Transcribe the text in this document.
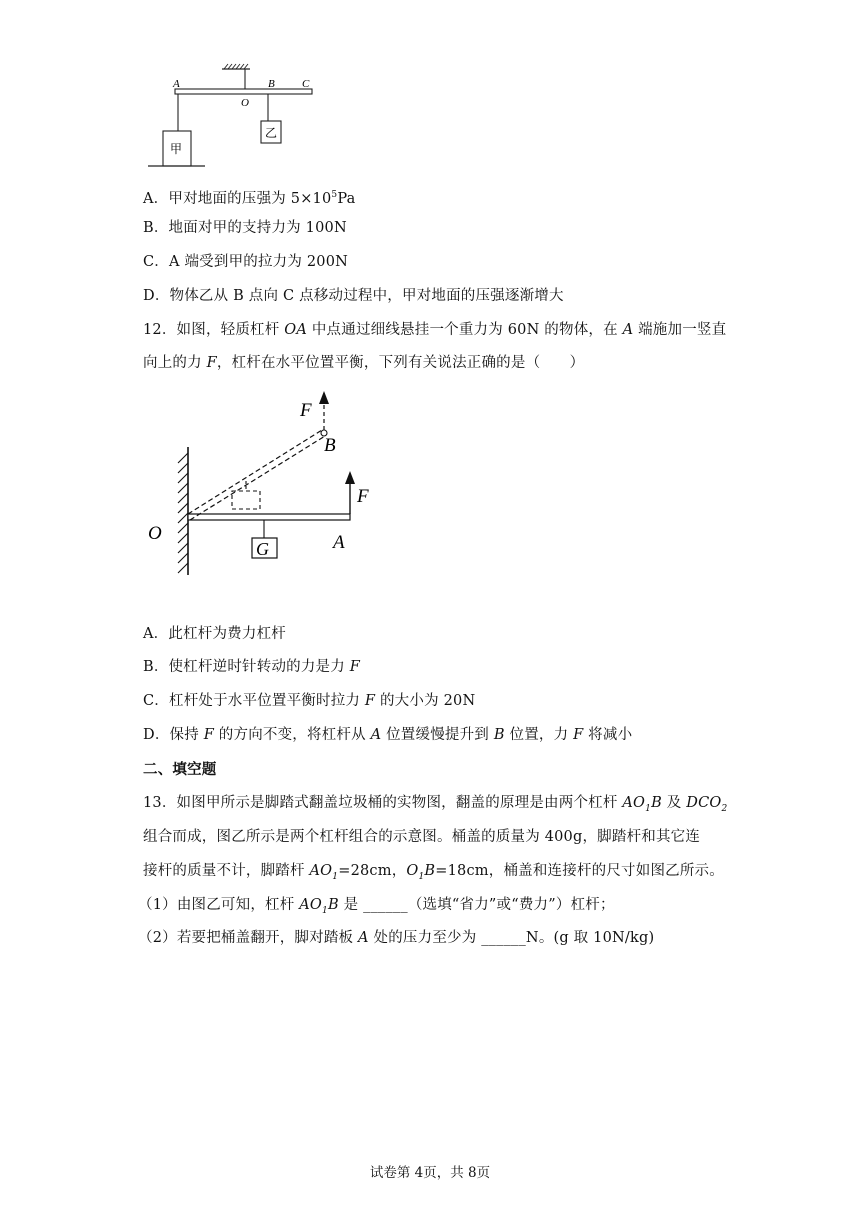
A
O
B C
甲
乙
A．甲对地面的压强为 $5\times 10^5Pa$
B．地面对甲的支持力为 100N
C．A 端受到甲的拉力为 200N
D．物体乙从 B 点向 C 点移动过程中，甲对地面的压强逐渐增大
12．如图，轻质杠杆 OA 中点通过细线悬挂一个重力为 60N 的物体，在 A 端施加一竖直
向上的力 F，杠杆在水平位置平衡，下列有关说法正确的是（　　）
F
B
F
O	A
G
A．此杠杆为费力杠杆
B．使杠杆逆时针转动的力是力 F
C．杠杆处于水平位置平衡时拉力 F 的大小为 20N
D．保持 F 的方向不变，将杠杆从 A 位置缓慢提升到 B 位置，力 F 将减小
二、填空题
13．如图甲所示是脚踏式翻盖垃圾桶的实物图，翻盖的原理是由两个杠杆 $AO_1B$ 及 $DCO_2$
组合而成，图乙所示是两个杠杆组合的示意图。桶盖的质量为 400g，脚踏杆和其它连
接杆的质量不计，脚踏杆 $AO_1=28cm$，$O_1B=18cm$，桶盖和连接杆的尺寸如图乙所示。
（1）由图乙可知，杠杆 $AO_1B$ 是 ______（选填“省力”或“费力”）杠杆；
（2）若要把桶盖翻开，脚对踏板 A 处的压力至少为 ______N。(g 取 10N/kg)
试卷第 4页，共 8页
